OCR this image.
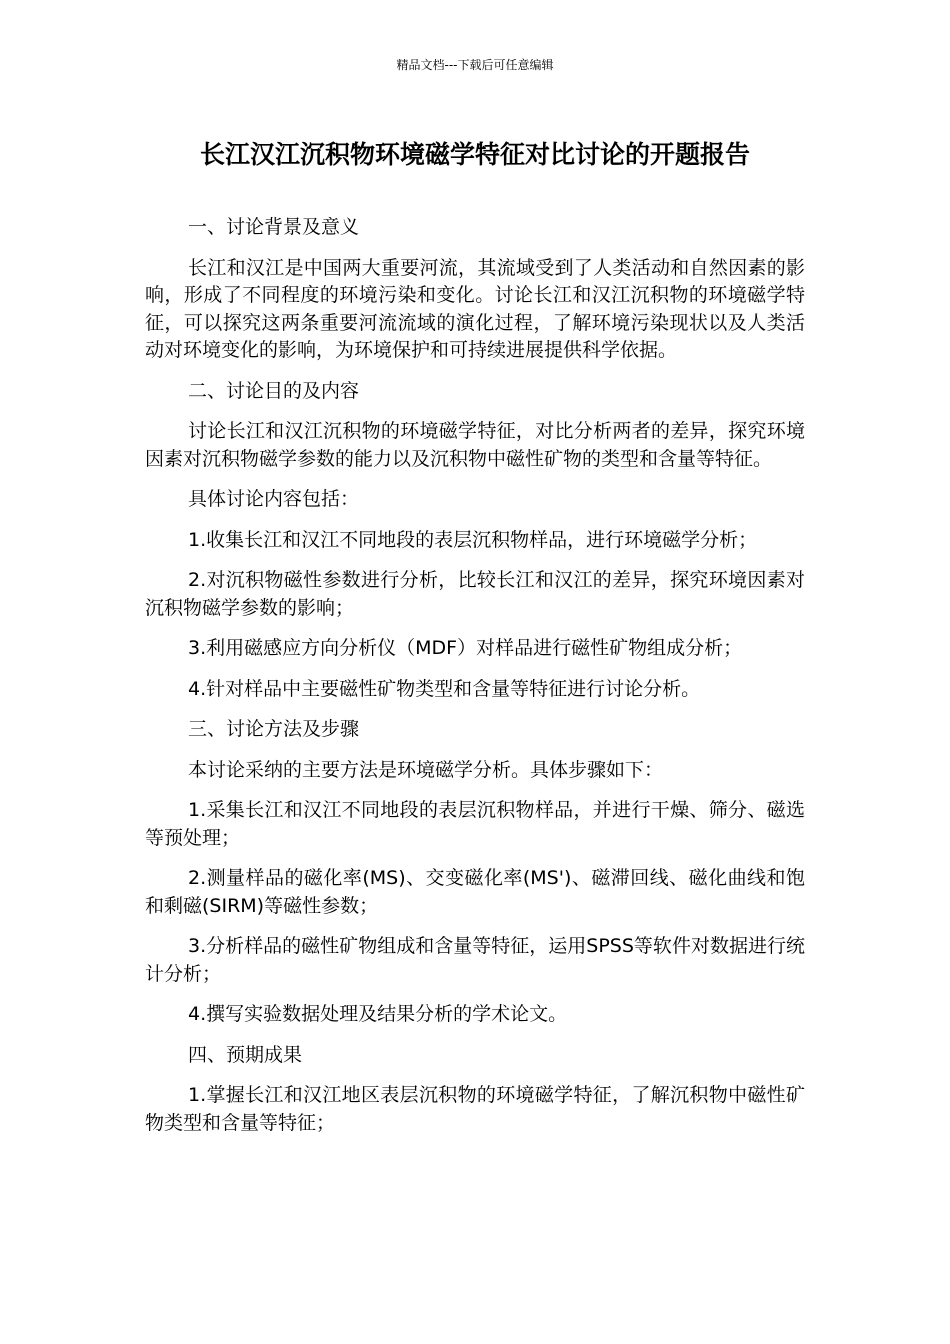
精品文档---下载后可任意编辑
长江汉江沉积物环境磁学特征对比讨论的开题报告

一、讨论背景及意义

长江和汉江是中国两大重要河流，其流域受到了人类活动和自然因素的影响，形成了不同程度的环境污染和变化。讨论长江和汉江沉积物的环境磁学特征，可以探究这两条重要河流流域的演化过程，了解环境污染现状以及人类活动对环境变化的影响，为环境保护和可持续进展提供科学依据。

二、讨论目的及内容

讨论长江和汉江沉积物的环境磁学特征，对比分析两者的差异，探究环境因素对沉积物磁学参数的能力以及沉积物中磁性矿物的类型和含量等特征。

具体讨论内容包括：

1.收集长江和汉江不同地段的表层沉积物样品，进行环境磁学分析；

2.对沉积物磁性参数进行分析，比较长江和汉江的差异，探究环境因素对沉积物磁学参数的影响；

3.利用磁感应方向分析仪（MDF）对样品进行磁性矿物组成分析；

4.针对样品中主要磁性矿物类型和含量等特征进行讨论分析。

三、讨论方法及步骤

本讨论采纳的主要方法是环境磁学分析。具体步骤如下：

1.采集长江和汉江不同地段的表层沉积物样品，并进行干燥、筛分、磁选等预处理；

2.测量样品的磁化率(MS)、交变磁化率(MS')、磁滞回线、磁化曲线和饱和剩磁(SIRM)等磁性参数；

3.分析样品的磁性矿物组成和含量等特征，运用SPSS等软件对数据进行统计分析；

4.撰写实验数据处理及结果分析的学术论文。

四、预期成果

1.掌握长江和汉江地区表层沉积物的环境磁学特征，了解沉积物中磁性矿物类型和含量等特征；
